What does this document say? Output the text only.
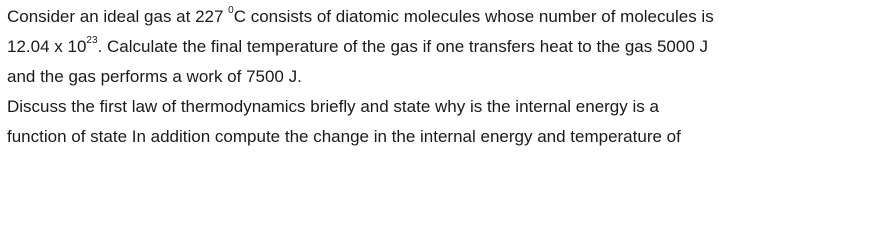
Consider an ideal gas at 227 $^0$C consists of diatomic molecules whose number of molecules is
12.04 x $10^{23}$. Calculate the final temperature of the gas if one transfers heat to the gas 5000 J
and the gas performs a work of 7500 J.
Discuss the first law of thermodynamics briefly and state why is the internal energy is a
function of state In addition compute the change in the internal energy and temperature of
